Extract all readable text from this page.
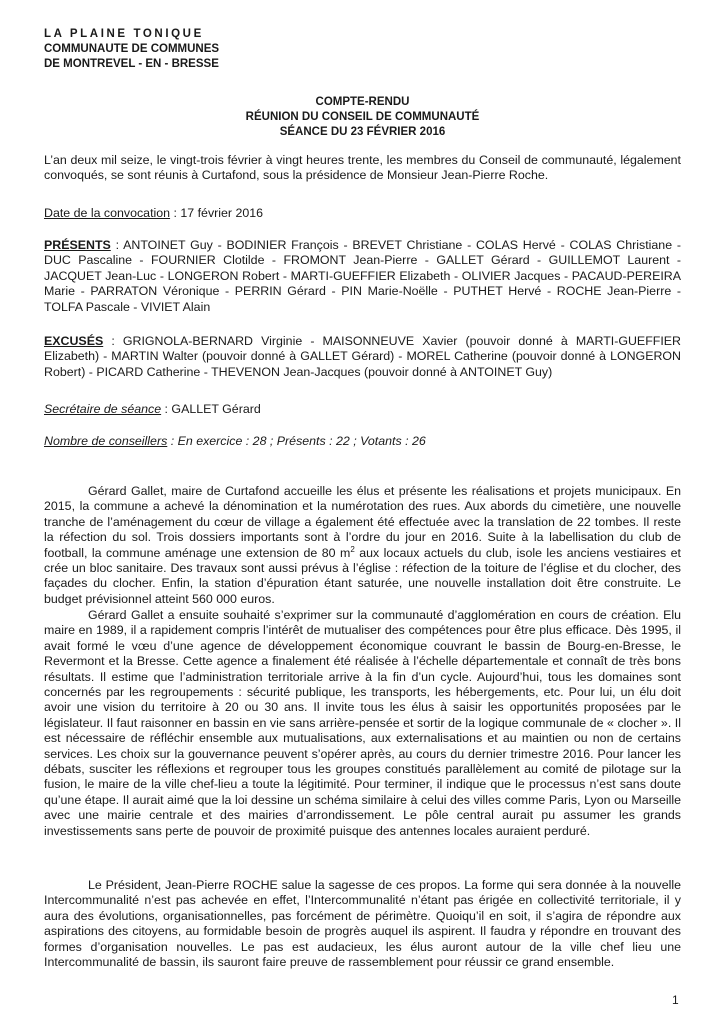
LA PLAINE TONIQUE
COMMUNAUTE DE COMMUNES
DE MONTREVEL - EN - BRESSE
COMPTE-RENDU
RÉUNION DU CONSEIL DE COMMUNAUTÉ
SÉANCE DU 23 FÉVRIER 2016

L’an deux mil seize, le vingt-trois février à vingt heures trente, les membres du Conseil de communauté, légalement convoqués, se sont réunis à Curtafond, sous la présidence de Monsieur Jean-Pierre Roche.

Date de la convocation : 17 février 2016

PRÉSENTS : ANTOINET Guy - BODINIER François - BREVET Christiane - COLAS Hervé - COLAS Christiane - DUC Pascaline - FOURNIER Clotilde - FROMONT Jean-Pierre - GALLET Gérard - GUILLEMOT Laurent - JACQUET Jean-Luc - LONGERON Robert - MARTI-GUEFFIER Elizabeth - OLIVIER Jacques - PACAUD-PEREIRA Marie - PARRATON Véronique - PERRIN Gérard - PIN Marie-Noëlle - PUTHET Hervé - ROCHE Jean-Pierre - TOLFA Pascale - VIVIET Alain

EXCUSÉS : GRIGNOLA-BERNARD Virginie - MAISONNEUVE Xavier (pouvoir donné à MARTI-GUEFFIER Elizabeth) - MARTIN Walter (pouvoir donné à GALLET Gérard) - MOREL Catherine (pouvoir donné à LONGERON Robert) - PICARD Catherine - THEVENON Jean-Jacques (pouvoir donné à ANTOINET Guy)

Secrétaire de séance : GALLET Gérard

Nombre de conseillers : En exercice : 28 ; Présents : 22 ; Votants : 26

Gérard Gallet, maire de Curtafond accueille les élus et présente les réalisations et projets municipaux. En 2015, la commune a achevé la dénomination et la numérotation des rues. Aux abords du cimetière, une nouvelle tranche de l’aménagement du cœur de village a également été effectuée avec la translation de 22 tombes. Il reste la réfection du sol. Trois dossiers importants sont à l’ordre du jour en 2016. Suite à la labellisation du club de football, la commune aménage une extension de 80 $m^2$ aux locaux actuels du club, isole les anciens vestiaires et crée un bloc sanitaire. Des travaux sont aussi prévus à l’église : réfection de la toiture de l’église et du clocher, des façades du clocher. Enfin, la station d’épuration étant saturée, une nouvelle installation doit être construite. Le budget prévisionnel atteint 560 000 euros.

Gérard Gallet a ensuite souhaité s’exprimer sur la communauté d’agglomération en cours de création. Elu maire en 1989, il a rapidement compris l’intérêt de mutualiser des compétences pour être plus efficace. Dès 1995, il avait formé le vœu d’une agence de développement économique couvrant le bassin de Bourg-en-Bresse, le Revermont et la Bresse. Cette agence a finalement été réalisée à l’échelle départementale et connaît de très bons résultats. Il estime que l’administration territoriale arrive à la fin d’un cycle. Aujourd’hui, tous les domaines sont concernés par les regroupements : sécurité publique, les transports, les hébergements, etc. Pour lui, un élu doit avoir une vision du territoire à 20 ou 30 ans. Il invite tous les élus à saisir les opportunités proposées par le législateur. Il faut raisonner en bassin en vie sans arrière-pensée et sortir de la logique communale de « clocher ». Il est nécessaire de réfléchir ensemble aux mutualisations, aux externalisations et au maintien ou non de certains services. Les choix sur la gouvernance peuvent s’opérer après, au cours du dernier trimestre 2016. Pour lancer les débats, susciter les réflexions et regrouper tous les groupes constitués parallèlement au comité de pilotage sur la fusion, le maire de la ville chef-lieu a toute la légitimité. Pour terminer, il indique que le processus n’est sans doute qu’une étape. Il aurait aimé que la loi dessine un schéma similaire à celui des villes comme Paris, Lyon ou Marseille avec une mairie centrale et des mairies d’arrondissement. Le pôle central aurait pu assumer les grands investissements sans perte de pouvoir de proximité puisque des antennes locales auraient perduré.

Le Président, Jean-Pierre ROCHE salue la sagesse de ces propos. La forme qui sera donnée à la nouvelle Intercommunalité n’est pas achevée en effet, l’Intercommunalité n’étant pas érigée en collectivité territoriale, il y aura des évolutions, organisationnelles, pas forcément de périmètre. Quoiqu’il en soit, il s’agira de répondre aux aspirations des citoyens, au formidable besoin de progrès auquel ils aspirent. Il faudra y répondre en trouvant des formes d’organisation nouvelles. Le pas est audacieux, les élus auront autour de la ville chef lieu une Intercommunalité de bassin, ils sauront faire preuve de rassemblement pour réussir ce grand ensemble.

1
